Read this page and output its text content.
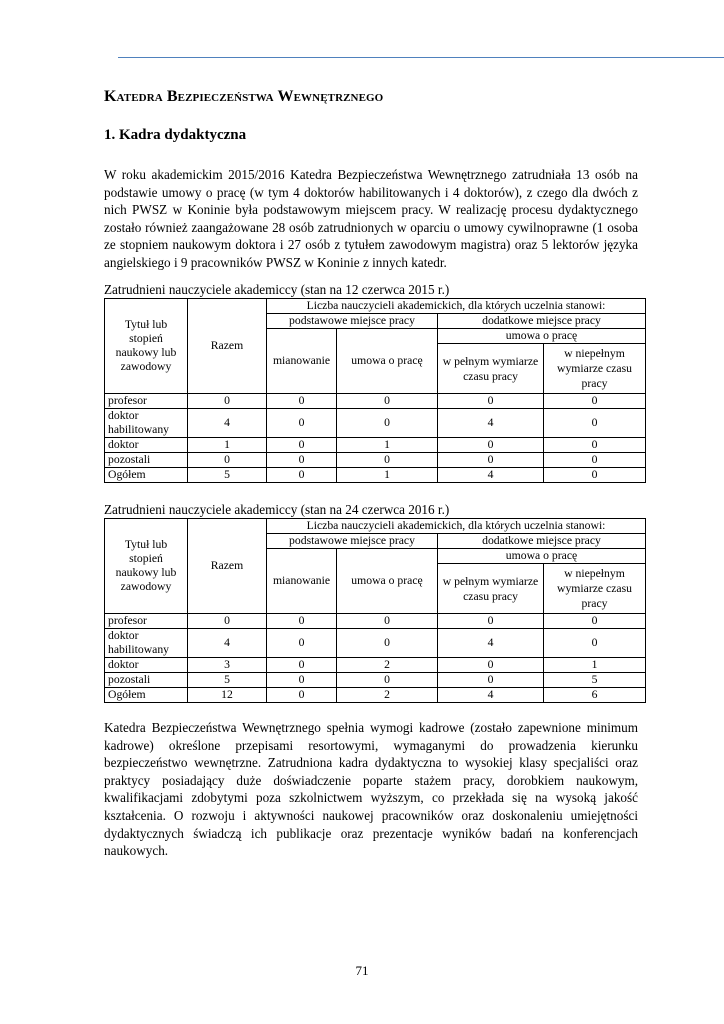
Katedra Bezpieczeństwa Wewnętrznego
1. Kadra dydaktyczna
W roku akademickim 2015/2016 Katedra Bezpieczeństwa Wewnętrznego zatrudniała 13 osób na podstawie umowy o pracę (w tym 4 doktorów habilitowanych i 4 doktorów), z czego dla dwóch z nich PWSZ w Koninie była podstawowym miejscem pracy. W realizację procesu dydaktycznego zostało również zaangażowane 28 osób zatrudnionych w oparciu o umowy cywilnoprawne (1 osoba ze stopniem naukowym doktora i 27 osób z tytułem zawodowym magistra) oraz 5 lektorów języka angielskiego i 9 pracowników PWSZ w Koninie z innych katedr.
Zatrudnieni nauczyciele akademiccy (stan na 12 czerwca 2015 r.)
Tytuł lub stopień naukowy lub zawodowy	Razem	Liczba nauczycieli akademickich, dla których uczelnia stanowi:			
		podstawowe miejsce pracy		dodatkowe miejsce pracy	
		mianowanie	umowa o pracę	umowa o pracę	
				w pełnym wymiarze czasu pracy	w niepełnym wymiarze czasu pracy
profesor	0	0	0	0	0
doktor habilitowany	4	0	0	4	0
doktor	1	0	1	0	0
pozostali	0	0	0	0	0
Ogółem	5	0	1	4	0
Zatrudnieni nauczyciele akademiccy (stan na 24 czerwca 2016 r.)
Tytuł lub stopień naukowy lub zawodowy	Razem	Liczba nauczycieli akademickich, dla których uczelnia stanowi:			
		podstawowe miejsce pracy		dodatkowe miejsce pracy	
		mianowanie	umowa o pracę	umowa o pracę	
				w pełnym wymiarze czasu pracy	w niepełnym wymiarze czasu pracy
profesor	0	0	0	0	0
doktor habilitowany	4	0	0	4	0
doktor	3	0	2	0	1
pozostali	5	0	0	0	5
Ogółem	12	0	2	4	6
Katedra Bezpieczeństwa Wewnętrznego spełnia wymogi kadrowe (zostało zapewnione minimum kadrowe) określone przepisami resortowymi, wymaganymi do prowadzenia kierunku bezpieczeństwo wewnętrzne. Zatrudniona kadra dydaktyczna to wysokiej klasy specjaliści oraz praktycy posiadający duże doświadczenie poparte stażem pracy, dorobkiem naukowym, kwalifikacjami zdobytymi poza szkolnictwem wyższym, co przekłada się na wysoką jakość kształcenia. O rozwoju i aktywności naukowej pracowników oraz doskonaleniu umiejętności dydaktycznych świadczą ich publikacje oraz prezentacje wyników badań na konferencjach naukowych.
71
